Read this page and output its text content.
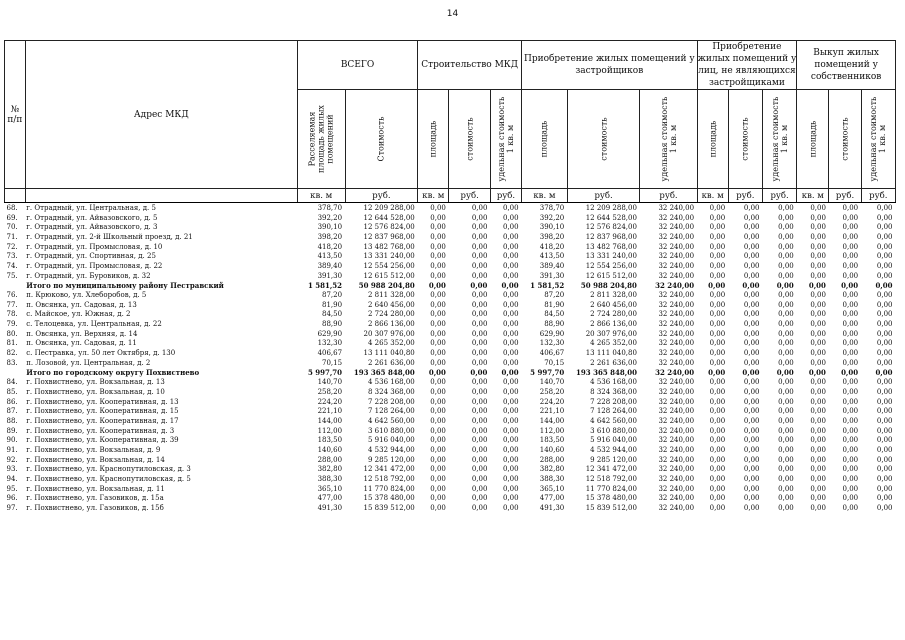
14
№ п/п	Адрес МКД	ВСЕГО		Строительство МКД			Приобретение жилых помещений у застройщиков			Приобретение жилых помещений у лиц, не являющихся застройщиками			Выкуп жилых помещений у собственников		

		Расселяемая площадь жилых помещений	Стоимость	площадь	стоимость	удельная стоимость 1 кв. м	площадь	стоимость	удельная стоимость 1 кв. м	площадь	стоимость	удельная стоимость 1 кв. м	площадь	стоимость	удельная стоимость 1 кв. м

		кв. м	руб.	кв. м	руб.	руб.	кв. м	руб.	руб.	кв. м	руб.	руб.	кв. м	руб.	руб.
68.	г. Отрадный, ул. Центральная, д. 5	378,70	12 209 288,00	0,00	0,00	0,00	378,70	12 209 288,00	32 240,00	0,00	0,00	0,00	0,00	0,00	0,00
69.	г. Отрадный, ул. Айвазовского, д. 5	392,20	12 644 528,00	0,00	0,00	0,00	392,20	12 644 528,00	32 240,00	0,00	0,00	0,00	0,00	0,00	0,00
70.	г. Отрадный, ул. Айвазовского, д. 3	390,10	12 576 824,00	0,00	0,00	0,00	390,10	12 576 824,00	32 240,00	0,00	0,00	0,00	0,00	0,00	0,00
71.	г. Отрадный, ул. 2-й Школьный проезд, д. 21	398,20	12 837 968,00	0,00	0,00	0,00	398,20	12 837 968,00	32 240,00	0,00	0,00	0,00	0,00	0,00	0,00
72.	г. Отрадный, ул. Промысловая, д. 10	418,20	13 482 768,00	0,00	0,00	0,00	418,20	13 482 768,00	32 240,00	0,00	0,00	0,00	0,00	0,00	0,00
73.	г. Отрадный, ул. Спортивная, д. 25	413,50	13 331 240,00	0,00	0,00	0,00	413,50	13 331 240,00	32 240,00	0,00	0,00	0,00	0,00	0,00	0,00
74.	г. Отрадный, ул. Промысловая, д. 22	389,40	12 554 256,00	0,00	0,00	0,00	389,40	12 554 256,00	32 240,00	0,00	0,00	0,00	0,00	0,00	0,00
75.	г. Отрадный, ул. Буровиков, д. 32	391,30	12 615 512,00	0,00	0,00	0,00	391,30	12 615 512,00	32 240,00	0,00	0,00	0,00	0,00	0,00	0,00
	Итого по муниципальному району Пестравский	1 581,52	50 988 204,80	0,00	0,00	0,00	1 581,52	50 988 204,80	32 240,00	0,00	0,00	0,00	0,00	0,00	0,00
76.	п. Крюково, ул. Хлеборобов, д. 5	87,20	2 811 328,00	0,00	0,00	0,00	87,20	2 811 328,00	32 240,00	0,00	0,00	0,00	0,00	0,00	0,00
77.	п. Овсянка, ул. Садовая, д. 13	81,90	2 640 456,00	0,00	0,00	0,00	81,90	2 640 456,00	32 240,00	0,00	0,00	0,00	0,00	0,00	0,00
78.	с. Майское, ул. Южная, д. 2	84,50	2 724 280,00	0,00	0,00	0,00	84,50	2 724 280,00	32 240,00	0,00	0,00	0,00	0,00	0,00	0,00
79.	с. Телоцевка, ул. Центральная, д. 22	88,90	2 866 136,00	0,00	0,00	0,00	88,90	2 866 136,00	32 240,00	0,00	0,00	0,00	0,00	0,00	0,00
80.	п. Овсянка, ул. Верхняя, д. 14	629,90	20 307 976,00	0,00	0,00	0,00	629,90	20 307 976,00	32 240,00	0,00	0,00	0,00	0,00	0,00	0,00
81.	п. Овсянка, ул. Садовая, д. 11	132,30	4 265 352,00	0,00	0,00	0,00	132,30	4 265 352,00	32 240,00	0,00	0,00	0,00	0,00	0,00	0,00
82.	с. Пестравка, ул. 50 лет Октября, д. 130	406,67	13 111 040,80	0,00	0,00	0,00	406,67	13 111 040,80	32 240,00	0,00	0,00	0,00	0,00	0,00	0,00
83.	п. Лозовой, ул. Центральная, д. 2	70,15	2 261 636,00	0,00	0,00	0,00	70,15	2 261 636,00	32 240,00	0,00	0,00	0,00	0,00	0,00	0,00
	Итого по городскому округу Похвистнево	5 997,70	193 365 848,00	0,00	0,00	0,00	5 997,70	193 365 848,00	32 240,00	0,00	0,00	0,00	0,00	0,00	0,00
84.	г. Похвистнево, ул. Вокзальная, д. 13	140,70	4 536 168,00	0,00	0,00	0,00	140,70	4 536 168,00	32 240,00	0,00	0,00	0,00	0,00	0,00	0,00
85.	г. Похвистнево, ул. Вокзальная, д. 10	258,20	8 324 368,00	0,00	0,00	0,00	258,20	8 324 368,00	32 240,00	0,00	0,00	0,00	0,00	0,00	0,00
86.	г. Похвистнево, ул. Кооперативная, д. 13	224,20	7 228 208,00	0,00	0,00	0,00	224,20	7 228 208,00	32 240,00	0,00	0,00	0,00	0,00	0,00	0,00
87.	г. Похвистнево, ул. Кооперативная, д. 15	221,10	7 128 264,00	0,00	0,00	0,00	221,10	7 128 264,00	32 240,00	0,00	0,00	0,00	0,00	0,00	0,00
88.	г. Похвистнево, ул. Кооперативная, д. 17	144,00	4 642 560,00	0,00	0,00	0,00	144,00	4 642 560,00	32 240,00	0,00	0,00	0,00	0,00	0,00	0,00
89.	г. Похвистнево, ул. Кооперативная, д. 3	112,00	3 610 880,00	0,00	0,00	0,00	112,00	3 610 880,00	32 240,00	0,00	0,00	0,00	0,00	0,00	0,00
90.	г. Похвистнево, ул. Кооперативная, д. 39	183,50	5 916 040,00	0,00	0,00	0,00	183,50	5 916 040,00	32 240,00	0,00	0,00	0,00	0,00	0,00	0,00
91.	г. Похвистнево, ул. Вокзальная, д. 9	140,60	4 532 944,00	0,00	0,00	0,00	140,60	4 532 944,00	32 240,00	0,00	0,00	0,00	0,00	0,00	0,00
92.	г. Похвистнево, ул. Вокзальная, д. 14	288,00	9 285 120,00	0,00	0,00	0,00	288,00	9 285 120,00	32 240,00	0,00	0,00	0,00	0,00	0,00	0,00
93.	г. Похвистнево, ул. Краснопутиловская, д. 3	382,80	12 341 472,00	0,00	0,00	0,00	382,80	12 341 472,00	32 240,00	0,00	0,00	0,00	0,00	0,00	0,00
94.	г. Похвистнево, ул. Краснопутиловская, д. 5	388,30	12 518 792,00	0,00	0,00	0,00	388,30	12 518 792,00	32 240,00	0,00	0,00	0,00	0,00	0,00	0,00
95.	г. Похвистнево, ул. Вокзальная, д. 11	365,10	11 770 824,00	0,00	0,00	0,00	365,10	11 770 824,00	32 240,00	0,00	0,00	0,00	0,00	0,00	0,00
96.	г. Похвистнево, ул. Газовиков, д. 15а	477,00	15 378 480,00	0,00	0,00	0,00	477,00	15 378 480,00	32 240,00	0,00	0,00	0,00	0,00	0,00	0,00
97.	г. Похвистнево, ул. Газовиков, д. 15б	491,30	15 839 512,00	0,00	0,00	0,00	491,30	15 839 512,00	32 240,00	0,00	0,00	0,00	0,00	0,00	0,00
